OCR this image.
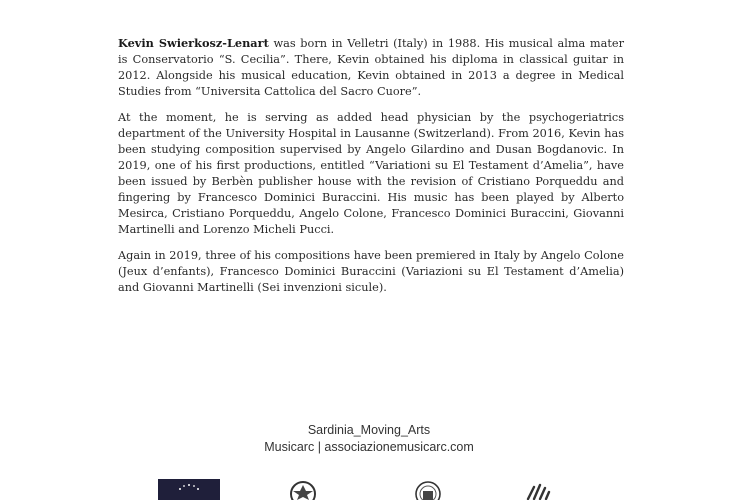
Kevin Swierkosz-Lenart was born in Velletri (Italy) in 1988. His musical alma mater is Conservatorio “S. Cecilia”. There, Kevin obtained his diploma in classical guitar in 2012. Alongside his musical education, Kevin obtained in 2013 a degree in Medical Studies from “Universita Cattolica del Sacro Cuore”.

At the moment, he is serving as added head physician by the psychogeriatrics department of the University Hospital in Lausanne (Switzerland). From 2016, Kevin has been studying composition supervised by Angelo Gilardino and Dusan Bogdanovic. In 2019, one of his first productions, entitled “Variationi su El Testament d’Amelia”, have been issued by Berbèn publisher house with the revision of Cristiano Porqueddu and fingering by Francesco Dominici Buraccini. His music has been played by Alberto Mesirca, Cristiano Porqueddu, Angelo Colone, Francesco Dominici Buraccini, Giovanni Martinelli and Lorenzo Micheli Pucci.

Again in 2019, three of his compositions have been premiered in Italy by Angelo Colone (Jeux d’enfants), Francesco Dominici Buraccini (Variazioni su El Testament d’Amelia) and Giovanni Martinelli (Sei invenzioni sicule).

Sardinia_Moving_Arts
Musicarc | associazionemusicarc.com
